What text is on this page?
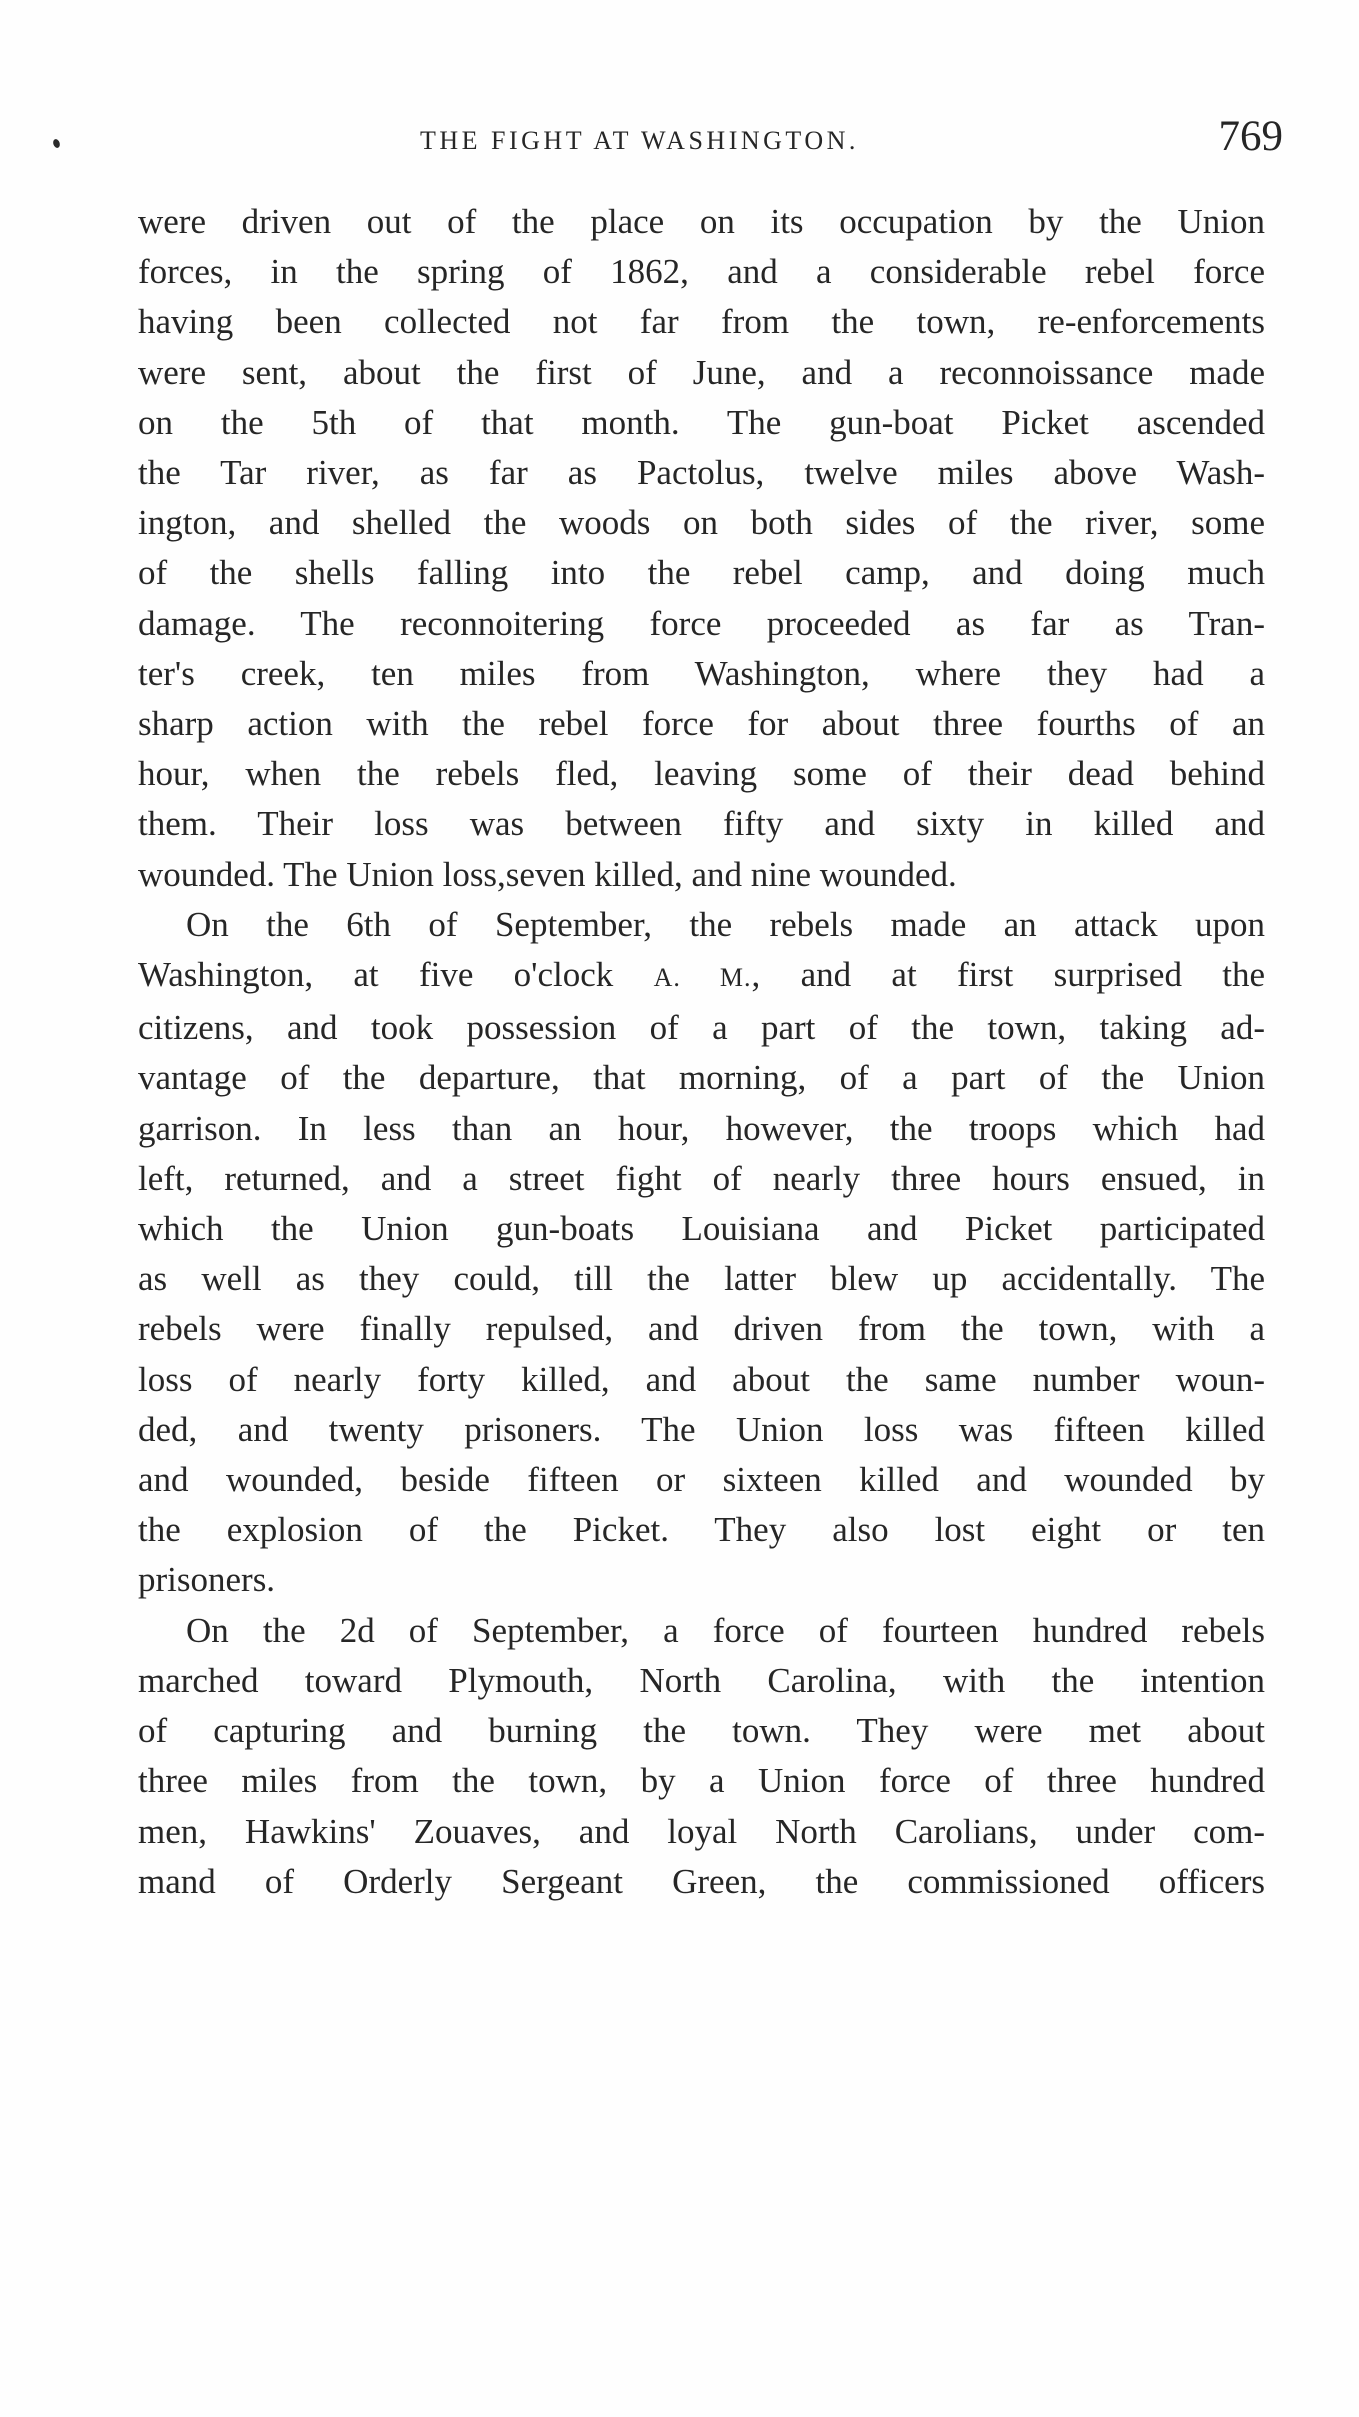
THE FIGHT AT WASHINGTON.	769
were driven out of the place on its occupation by the Union
forces, in the spring of 1862, and a considerable rebel force
having been collected not far from the town, re-enforcements
were sent, about the first of June, and a reconnoissance made
on the 5th of that month. The gun-boat Picket ascended
the Tar river, as far as Pactolus, twelve miles above Wash-
ington, and shelled the woods on both sides of the river, some
of the shells falling into the rebel camp, and doing much
damage. The reconnoitering force proceeded as far as Tran-
ter's creek, ten miles from Washington, where they had a
sharp action with the rebel force for about three fourths of an
hour, when the rebels fled, leaving some of their dead behind
them. Their loss was between fifty and sixty in killed and
wounded. The Union loss,seven killed, and nine wounded.
On the 6th of September, the rebels made an attack upon
Washington, at five o'clock A. M., and at first surprised the
citizens, and took possession of a part of the town, taking ad-
vantage of the departure, that morning, of a part of the Union
garrison. In less than an hour, however, the troops which had
left, returned, and a street fight of nearly three hours ensued, in
which the Union gun-boats Louisiana and Picket participated
as well as they could, till the latter blew up accidentally. The
rebels were finally repulsed, and driven from the town, with a
loss of nearly forty killed, and about the same number woun-
ded, and twenty prisoners. The Union loss was fifteen killed
and wounded, beside fifteen or sixteen killed and wounded by
the explosion of the Picket. They also lost eight or ten
prisoners.
On the 2d of September, a force of fourteen hundred rebels
marched toward Plymouth, North Carolina, with the intention
of capturing and burning the town. They were met about
three miles from the town, by a Union force of three hundred
men, Hawkins' Zouaves, and loyal North Carolians, under com-
mand of Orderly Sergeant Green, the commissioned officers
